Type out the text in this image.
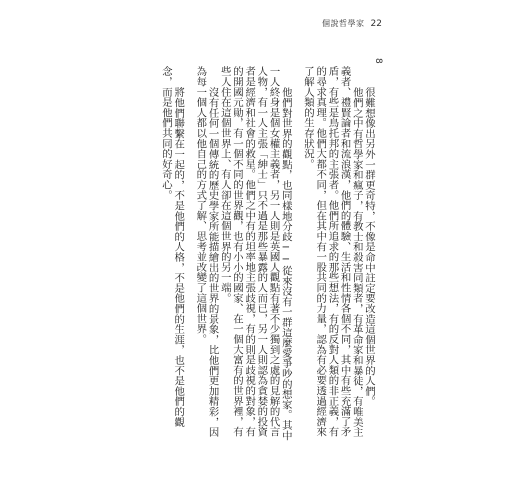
個說哲學家 22
8

很難想像出另外一群更奇特，不像是命中註定要改造這個世界的人們。

他們之中有哲學家和瘋子，有教士和殺害同類者，有革命家和暴徒，有唯美主義者、禮賢論者和流浪漢，他們的體驗、生活和性情各個不同，其中有些充滿了矛盾，有些是鳥托邦的主張者。他們所追求的那些想法，有的反對人類的非正義，有的尋求真理。他們大都不同，但在其中有一股共同的力量，認為有必要透過經濟來了解人類的生存狀況。

他們對世界的觀點，也同樣地分歧──從來沒有一群這麼愛爭吵的想家。其中一人終身是個女權主義者，另一人則是英國人觀點有著不少獨到之處的見解的代言人物，有一人主張「紳士」只不過是那些暴露的人而已，另一人則認為貪婪的投資者是經濟和社會的救星。他們之中有的坦率地主張歧視，有的則是歧視的對象，有的開國元勛，有一個不同的世界觀，也有小小的國家、在一個大富有的世界裡，有些人住在這個世界上、有人卻在這個世界的另一端。

沒有任何一個傳統的歷史學家所能描繪出的世界的景象，比他們更加精彩，因為每一個人都以他自己的方式了解、思考並改變了這個世界。

將他們聯繫在一起的，不是他們的人格，不是他們的生涯，也不是他們的觀念，而是他們共同的好奇心。
